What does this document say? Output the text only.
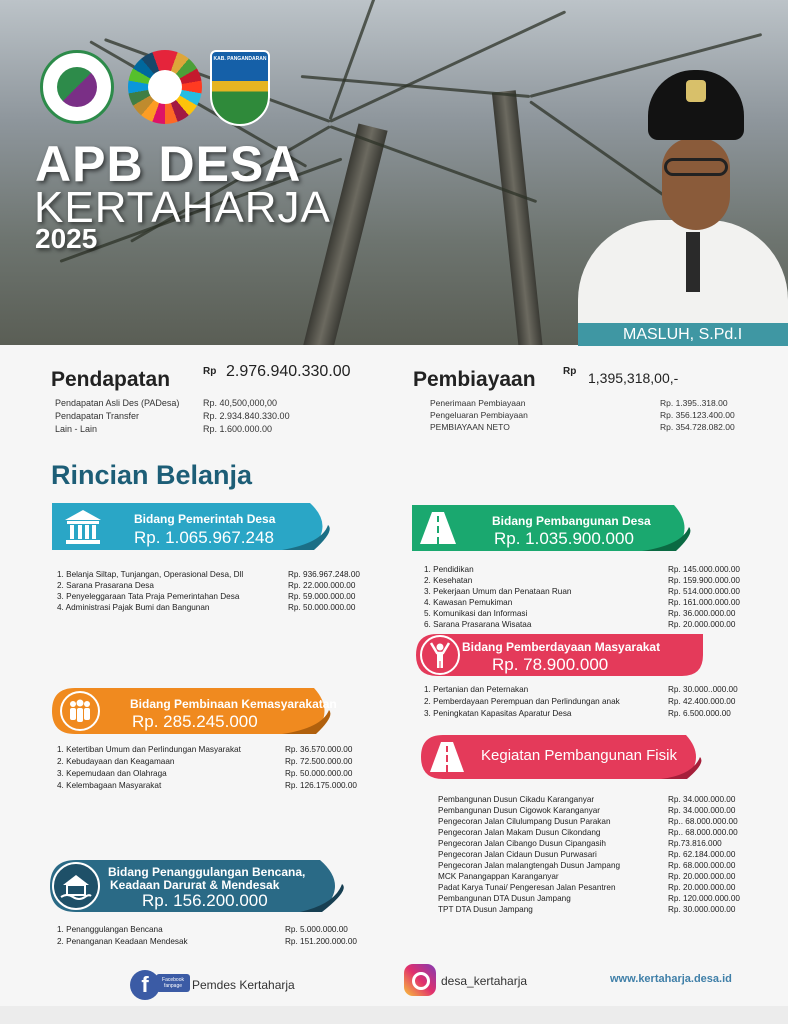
KAB. PANGANDARAN
APB DESA
KERTAHARJA
2025
MASLUH, S.Pd.I
Pendapatan	Rp 2.976.940.330.00
Pendapatan Asli Des (PADesa)	Rp. 40,500,000,00
Pendapatan Transfer	Rp. 2.934.840.330.00
Lain - Lain	Rp. 1.600.000.00
Pembiayaan	Rp 1,395,318,00,-
Penerimaan Pembiayaan	Rp. 1.395..318.00
Pengeluaran Pembiayaan	Rp. 356.123.400.00
PEMBIAYAAN NETO	Rp. 354.728.082.00
Rincian Belanja
Bidang Pemerintah Desa
Rp. 1.065.967.248
1. Belanja Siltap, Tunjangan, Operasional Desa, Dll	Rp. 936.967.248.00
2. Sarana Prasarana Desa	Rp. 22.000.000.00
3. Penyeleggaraan Tata Praja Pemerintahan Desa	Rp. 59.000.000.00
4. Administrasi Pajak Bumi dan Bangunan	Rp. 50.000.000.00
Bidang Pembinaan Kemasyarakatan
Rp. 285.245.000
1. Ketertiban Umum dan Perlindungan Masyarakat	Rp. 36.570.000.00
2. Kebudayaan dan Keagamaan	Rp. 72.500.000.00
3. Kepemudaan dan Olahraga	Rp. 50.000.000.00
4. Kelembagaan Masyarakat	Rp. 126.175.000.00
Bidang Penanggulangan Bencana,
Keadaan Darurat & Mendesak
Rp. 156.200.000
1. Penanggulangan Bencana	Rp. 5.000.000.00
2. Penanganan Keadaan Mendesak	Rp. 151.200.000.00
Bidang Pembangunan Desa
Rp. 1.035.900.000
1. Pendidikan	Rp. 145.000.000.00
2. Kesehatan	Rp. 159.900.000.00
3. Pekerjaan Umum dan Penataan Ruan	Rp. 514.000.000.00
4. Kawasan Pemukiman	Rp. 161.000.000.00
5. Komunikasi dan Informasi	Rp. 36.000.000.00
6. Sarana Prasarana Wisataa	Rp. 20.000.000.00
Bidang Pemberdayaan Masyarakat
Rp. 78.900.000
1. Pertanian dan Peternakan	Rp. 30.000..000.00
2. Pemberdayaan Perempuan dan Perlindungan anak	Rp. 42.400.000.00
3. Peningkatan Kapasitas Aparatur Desa	Rp. 6.500.000.00
Kegiatan Pembangunan Fisik
Pembangunan Dusun Cikadu Karanganyar	Rp. 34.000.000.00
Pembangunan Dusun Cigowok Karanganyar	Rp. 34.000.000.00
Pengecoran Jalan Cilulumpang Dusun Parakan	Rp.. 68.000.000.00
Pengecoran Jalan Makam Dusun Cikondang	Rp.. 68.000.000.00
Pengecoran Jalan Cibango Dusun Cipangasih	Rp.73.816.000
Pengecoran Jalan Cidaun Dusun Purwasari	Rp. 62.184.000.00
Pengecoran Jalan malangtengah Dusun Jampang	Rp. 68.000.000.00
MCK Panangappan Karanganyar	Rp. 20.000.000.00
Padat Karya Tunai/ Pengeresan Jalan Pesantren	Rp. 20.000.000.00
Pembangunan DTA Dusun Jampang	Rp. 120.000.000.00
TPT DTA Dusun Jampang	Rp. 30.000.000.00
f	Facebook fanpage Pemdes Kertaharja	desa_kertaharja	www.kertaharja.desa.id
